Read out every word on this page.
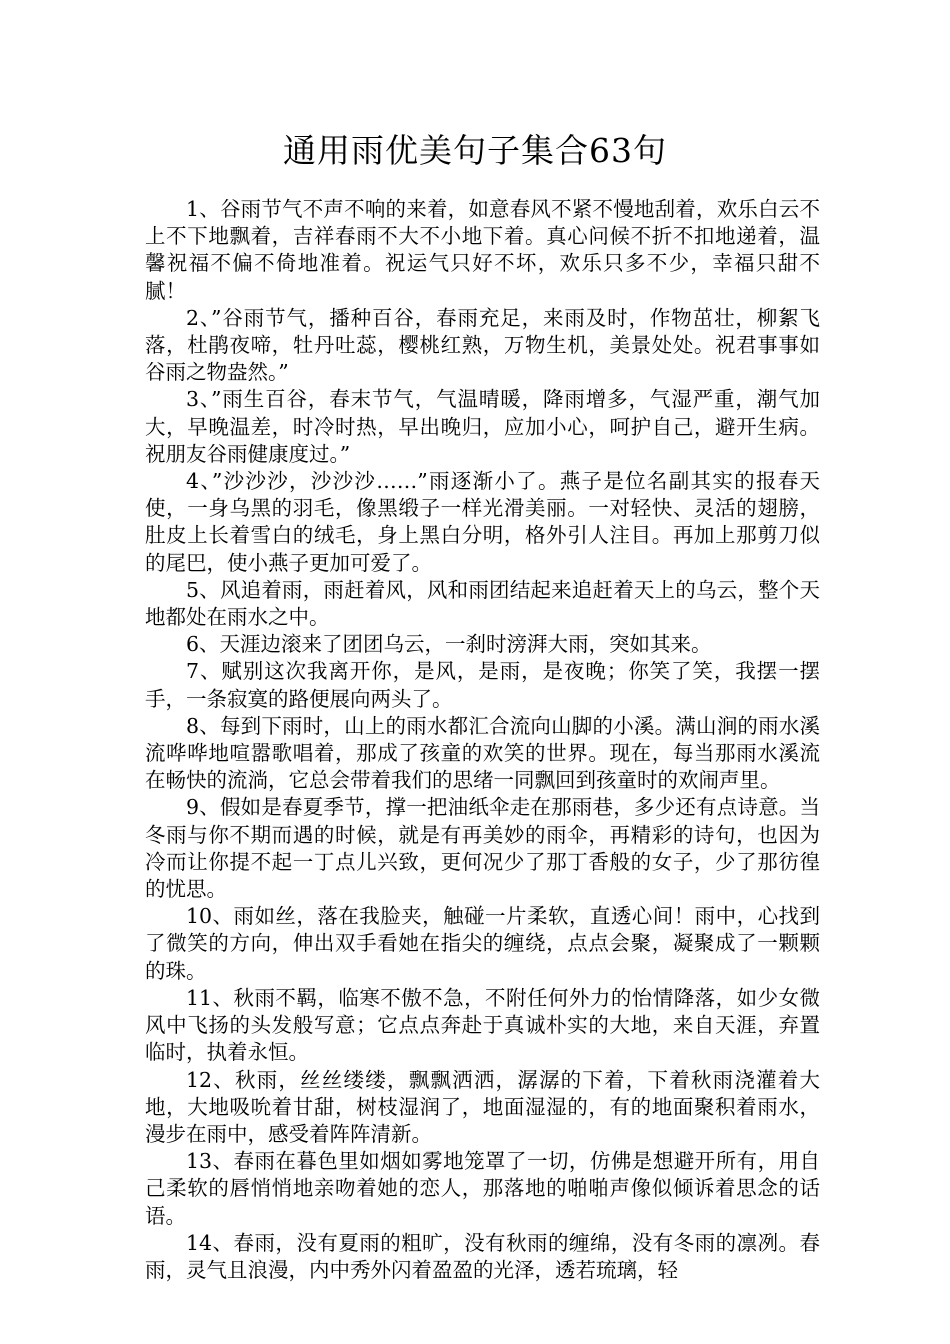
通用雨优美句子集合63句

1、谷雨节气不声不响的来着，如意春风不紧不慢地刮着，欢乐白云不上不下地飘着，吉祥春雨不大不小地下着。真心问候不折不扣地递着，温馨祝福不偏不倚地准着。祝运气只好不坏，欢乐只多不少，幸福只甜不腻！

2、”谷雨节气，播种百谷，春雨充足，来雨及时，作物茁壮，柳絮飞落，杜鹃夜啼，牡丹吐蕊，樱桃红熟，万物生机，美景处处。祝君事事如谷雨之物盎然。”

3、”雨生百谷，春末节气，气温晴暖，降雨增多，气湿严重，潮气加大，早晚温差，时冷时热，早出晚归，应加小心，呵护自己，避开生病。祝朋友谷雨健康度过。”

4、”沙沙沙，沙沙沙……”雨逐渐小了。燕子是位名副其实的报春天使，一身乌黑的羽毛，像黑缎子一样光滑美丽。一对轻快、灵活的翅膀，肚皮上长着雪白的绒毛，身上黑白分明，格外引人注目。再加上那剪刀似的尾巴，使小燕子更加可爱了。

5、风追着雨，雨赶着风，风和雨团结起来追赶着天上的乌云，整个天地都处在雨水之中。

6、天涯边滚来了团团乌云，一刹时滂湃大雨，突如其来。

7、赋别这次我离开你，是风，是雨，是夜晚；你笑了笑，我摆一摆手，一条寂寞的路便展向两头了。

8、每到下雨时，山上的雨水都汇合流向山脚的小溪。满山涧的雨水溪流哗哗地喧嚣歌唱着，那成了孩童的欢笑的世界。现在，每当那雨水溪流在畅快的流淌，它总会带着我们的思绪一同飘回到孩童时的欢闹声里。

9、假如是春夏季节，撑一把油纸伞走在那雨巷，多少还有点诗意。当冬雨与你不期而遇的时候，就是有再美妙的雨伞，再精彩的诗句，也因为冷而让你提不起一丁点儿兴致，更何况少了那丁香般的女子，少了那彷徨的忧思。

10、雨如丝，落在我脸夹，触碰一片柔软，直透心间！雨中，心找到了微笑的方向，伸出双手看她在指尖的缠绕，点点会聚，凝聚成了一颗颗的珠。

11、秋雨不羁，临寒不傲不急，不附任何外力的怡情降落，如少女微风中飞扬的头发般写意；它点点奔赴于真诚朴实的大地，来自天涯，弃置临时，执着永恒。

12、秋雨，丝丝缕缕，飘飘洒洒，潺潺的下着，下着秋雨浇灌着大地，大地吸吮着甘甜，树枝湿润了，地面湿湿的，有的地面聚积着雨水，漫步在雨中，感受着阵阵清新。

13、春雨在暮色里如烟如雾地笼罩了一切，仿佛是想避开所有，用自己柔软的唇悄悄地亲吻着她的恋人，那落地的啪啪声像似倾诉着思念的话语。

14、春雨，没有夏雨的粗旷，没有秋雨的缠绵，没有冬雨的凛冽。春雨，灵气且浪漫，内中秀外闪着盈盈的光泽，透若琉璃，轻
